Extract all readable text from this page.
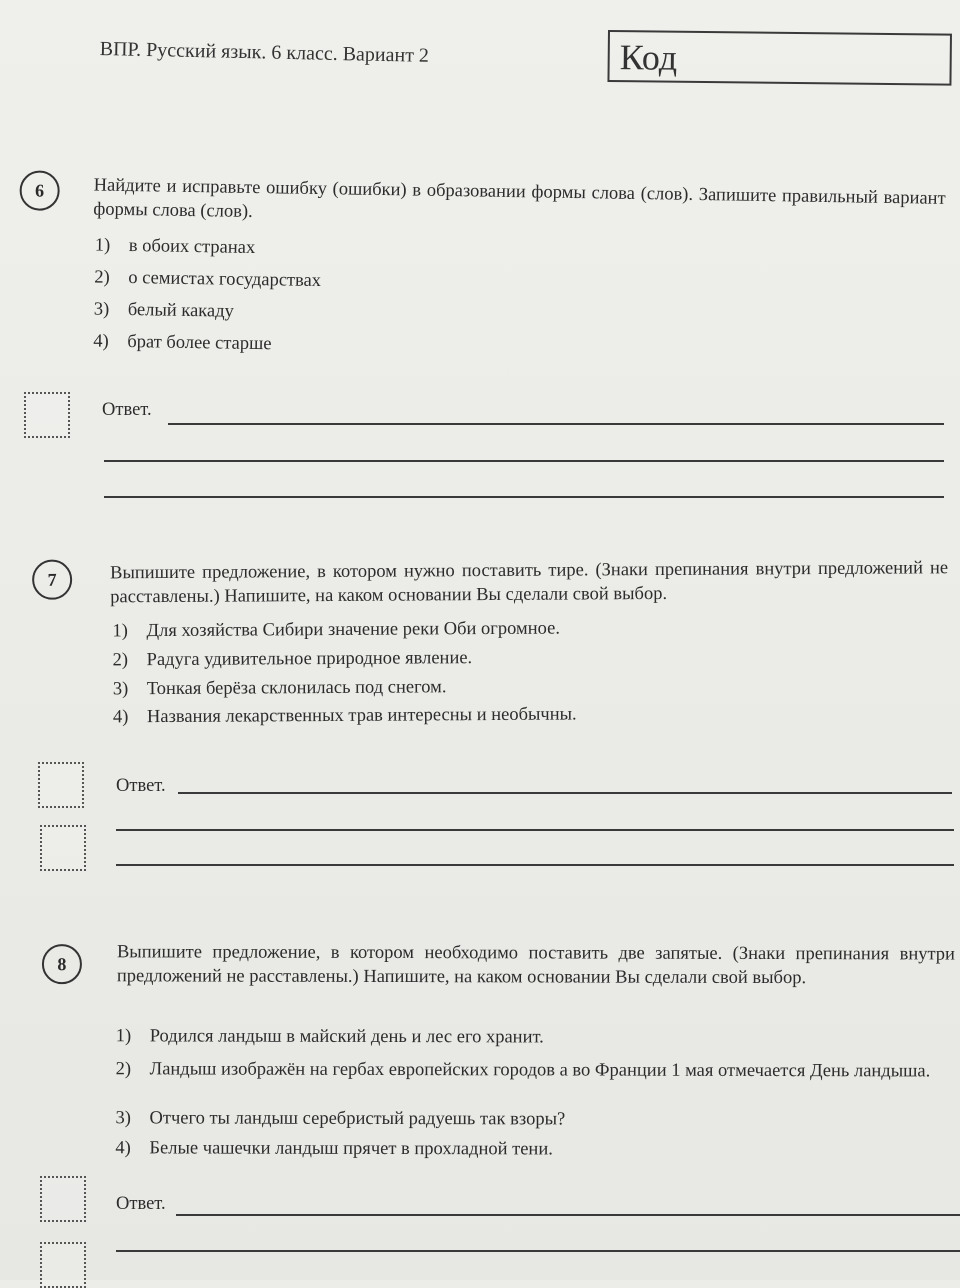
ВПР. Русский язык. 6 класс. Вариант 2	Код
6	Найдите и исправьте ошибку (ошибки) в образовании формы слова (слов). Запишите правильный вариант формы слова (слов).
1) в обоих странах
2) о семистах государствах
3) белый какаду
4) брат более старше
Ответ.
7	Выпишите предложение, в котором нужно поставить тире. (Знаки препинания внутри предложений не расставлены.) Напишите, на каком основании Вы сделали свой выбор.
1) Для хозяйства Сибири значение реки Оби огромное.
2) Радуга удивительное природное явление.
3) Тонкая берёза склонилась под снегом.
4) Названия лекарственных трав интересны и необычны.
Ответ.
8	Выпишите предложение, в котором необходимо поставить две запятые. (Знаки препинания внутри предложений не расставлены.) Напишите, на каком основании Вы сделали свой выбор.
1) Родился ландыш в майский день и лес его хранит.
2)	Ландыш изображён на гербах европейских городов а во Франции 1 мая отмечается День ландыша.
3) Отчего ты ландыш серебристый радуешь так взоры?
4) Белые чашечки ландыш прячет в прохладной тени.
Ответ.
